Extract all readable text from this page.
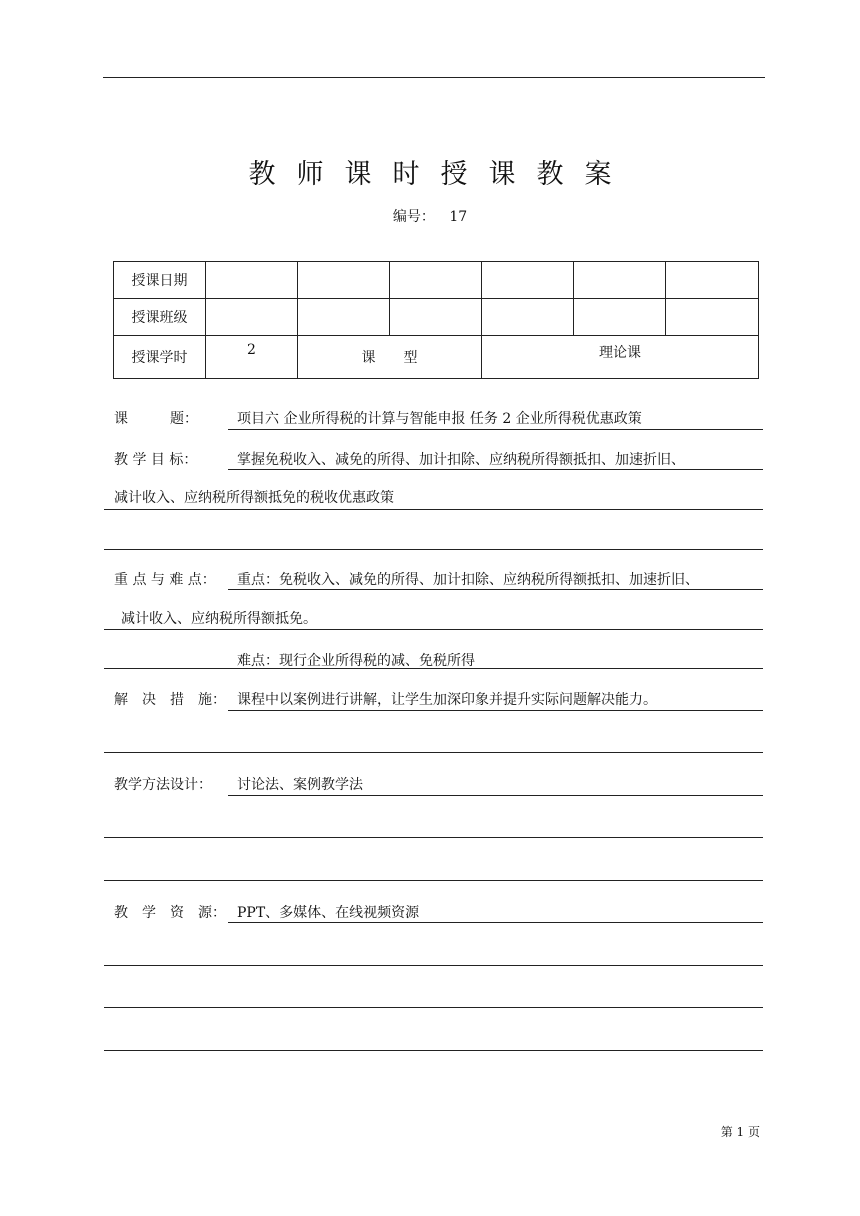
教师课时授课教案
编号： 17
授课日期						
授课班级						
授课学时	2	课　　型		理论课		
课　　　题：	项目六 企业所得税的计算与智能申报 任务 2 企业所得税优惠政策
教 学 目 标：	掌握免税收入、减免的所得、加计扣除、应纳税所得额抵扣、加速折旧、
减计收入、应纳税所得额抵免的税收优惠政策
重 点 与 难 点： 重点：免税收入、减免的所得、加计扣除、应纳税所得额抵扣、加速折旧、
减计收入、应纳税所得额抵免。
难点：现行企业所得税的减、免税所得
解　决　措　施： 课程中以案例进行讲解，让学生加深印象并提升实际问题解决能力。
教学方法设计： 讨论法、案例教学法
教　学　资　源： PPT、多媒体、在线视频资源
第 1 页
